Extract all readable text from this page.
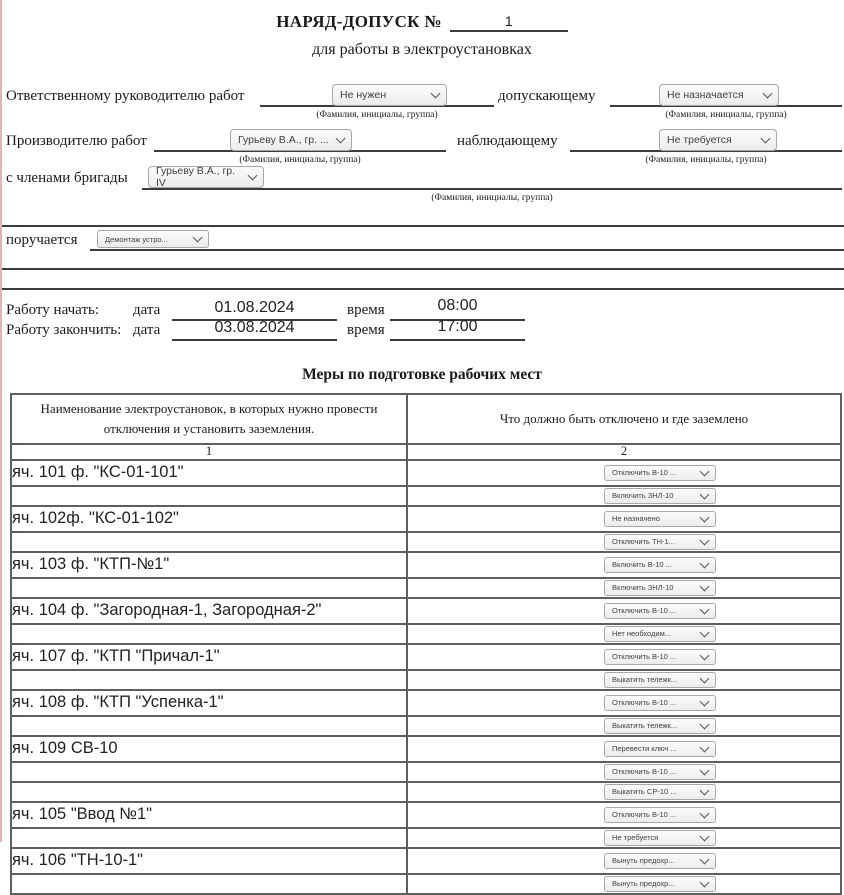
НАРЯД-ДОПУСК №	1
для работы в электроустановках
Ответственному руководителю работ	Не нужен
(Фамилия, инициалы, группа)
допускающему	Не назначается
(Фамилия, инициалы, группа)
Производителю работ	Гурьеву В.А., гр. ...
(Фамилия, инициалы, группа)
наблюдающему	Не требуется
(Фамилия, инициалы, группа)
с членами бригады	Гурьеву В.А., гр. IV
(Фамилия, инициалы, группа)
поручается	Демонтаж устро...
Работу начать: дата	01.08.2024	время	08:00
Работу закончить: дата	03.08.2024	время	17:00
Меры по подготовке рабочих мест
Наименование электроустановок, в которых нужно провести отключения и установить заземления.	Что должно быть отключено и где заземлено
1	2
яч. 101 ф. "КС-01-101"	Отключить В-10 ...

	Включить ЗНЛ-10

яч. 102ф. "КС-01-102"	Не назначено

	Отключить ТН-1...

яч. 103 ф. "КТП-№1"	Включить В-10 ...

	Включить ЗНЛ-10

яч. 104 ф. "Загородная-1, Загородная-2"	Отключить В-10 ...

	Нет необходим...

яч. 107 ф. "КТП "Причал-1"	Отключить В-10 ...

	Выкатить тележк...

яч. 108 ф. "КТП "Успенка-1"	Отключить В-10 ...

	Выкатить тележк...

яч. 109 СВ-10	Перевести ключ ...

	Отключить В-10 ...

	Выкатить СР-10 ...

яч. 105 "Ввод №1"	Отключить В-10 ...

	Не требуется

яч. 106 "ТН-10-1"	Вынуть предохр...

	Вынуть предохр...
